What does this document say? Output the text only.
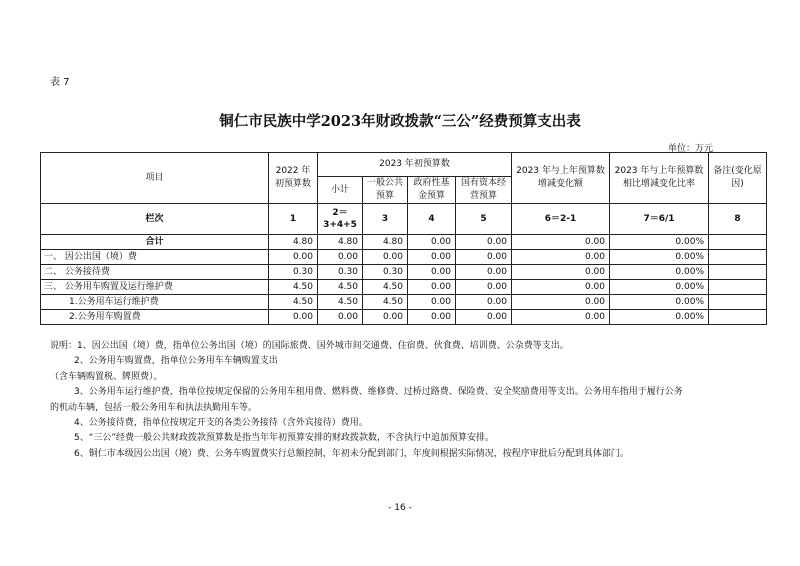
表 7
铜仁市民族中学2023年财政拨款“三公”经费预算支出表
单位：万元
项目	2022 年初预算数	2023 年初预算数				2023 年与上年预算数增减变化额	2023 年与上年预算数相比增减变化比率	备注(变化原因)
		小计	一般公共预算	政府性基金预算	国有资本经营预算			
栏次	1	2＝3+4+5	3	4	5	6＝2-1	7＝6/1	8
合计	4.80	4.80	4.80	0.00	0.00	0.00	0.00%	
一、 因公出国（境）费	0.00	0.00	0.00	0.00	0.00	0.00	0.00%	
二、 公务接待费	0.30	0.30	0.30	0.00	0.00	0.00	0.00%	
三、 公务用车购置及运行维护费	4.50	4.50	4.50	0.00	0.00	0.00	0.00%	
1.公务用车运行维护费	4.50	4.50	4.50	0.00	0.00	0.00	0.00%	
2.公务用车购置费	0.00	0.00	0.00	0.00	0.00	0.00	0.00%	
说明：1、因公出国（境）费，指单位公务出国（境）的国际旅费、国外城市间交通费、住宿费、伙食费、培训费、公杂费等支出。
2、公务用车购置费，指单位公务用车车辆购置支出
（含车辆购置税、牌照费）。
3、公务用车运行维护费，指单位按规定保留的公务用车租用费、燃料费、维修费、过桥过路费、保险费、安全奖励费用等支出。公务用车指用于履行公务
的机动车辆，包括一般公务用车和执法执勤用车等。
4、公务接待费，指单位按规定开支的各类公务接待（含外宾接待）费用。
5、“三公”经费一般公共财政拨款预算数是指当年年初预算安排的财政拨款数，不含执行中追加预算安排。
6、铜仁市本级因公出国（境）费、公务车购置费实行总额控制，年初未分配到部门，年度间根据实际情况，按程序审批后分配到具体部门。
- 16 -
